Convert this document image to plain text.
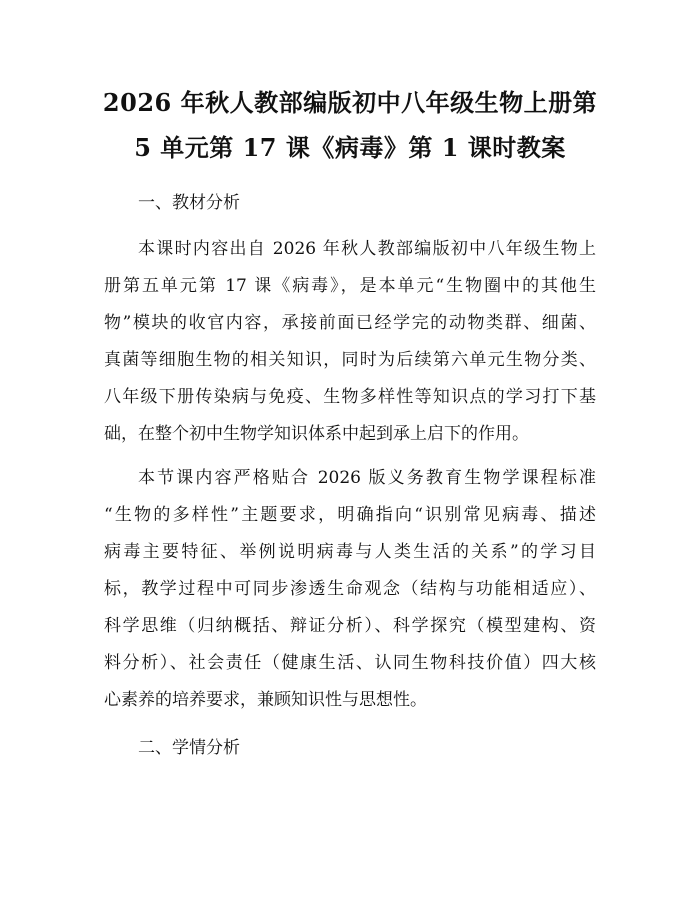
2026 年秋人教部编版初中八年级生物上册第
5 单元第 17 课《病毒》第 1 课时教案
一、教材分析
本课时内容出自 2026 年秋人教部编版初中八年级生物上
册第五单元第 17 课《病毒》，是本单元“生物圈中的其他生
物”模块的收官内容，承接前面已经学完的动物类群、细菌、
真菌等细胞生物的相关知识，同时为后续第六单元生物分类、
八年级下册传染病与免疫、生物多样性等知识点的学习打下基
础，在整个初中生物学知识体系中起到承上启下的作用。
本节课内容严格贴合 2026 版义务教育生物学课程标准
“生物的多样性”主题要求，明确指向“识别常见病毒、描述
病毒主要特征、举例说明病毒与人类生活的关系”的学习目
标，教学过程中可同步渗透生命观念（结构与功能相适应）、
科学思维（归纳概括、辩证分析）、科学探究（模型建构、资
料分析）、社会责任（健康生活、认同生物科技价值）四大核
心素养的培养要求，兼顾知识性与思想性。
二、学情分析
